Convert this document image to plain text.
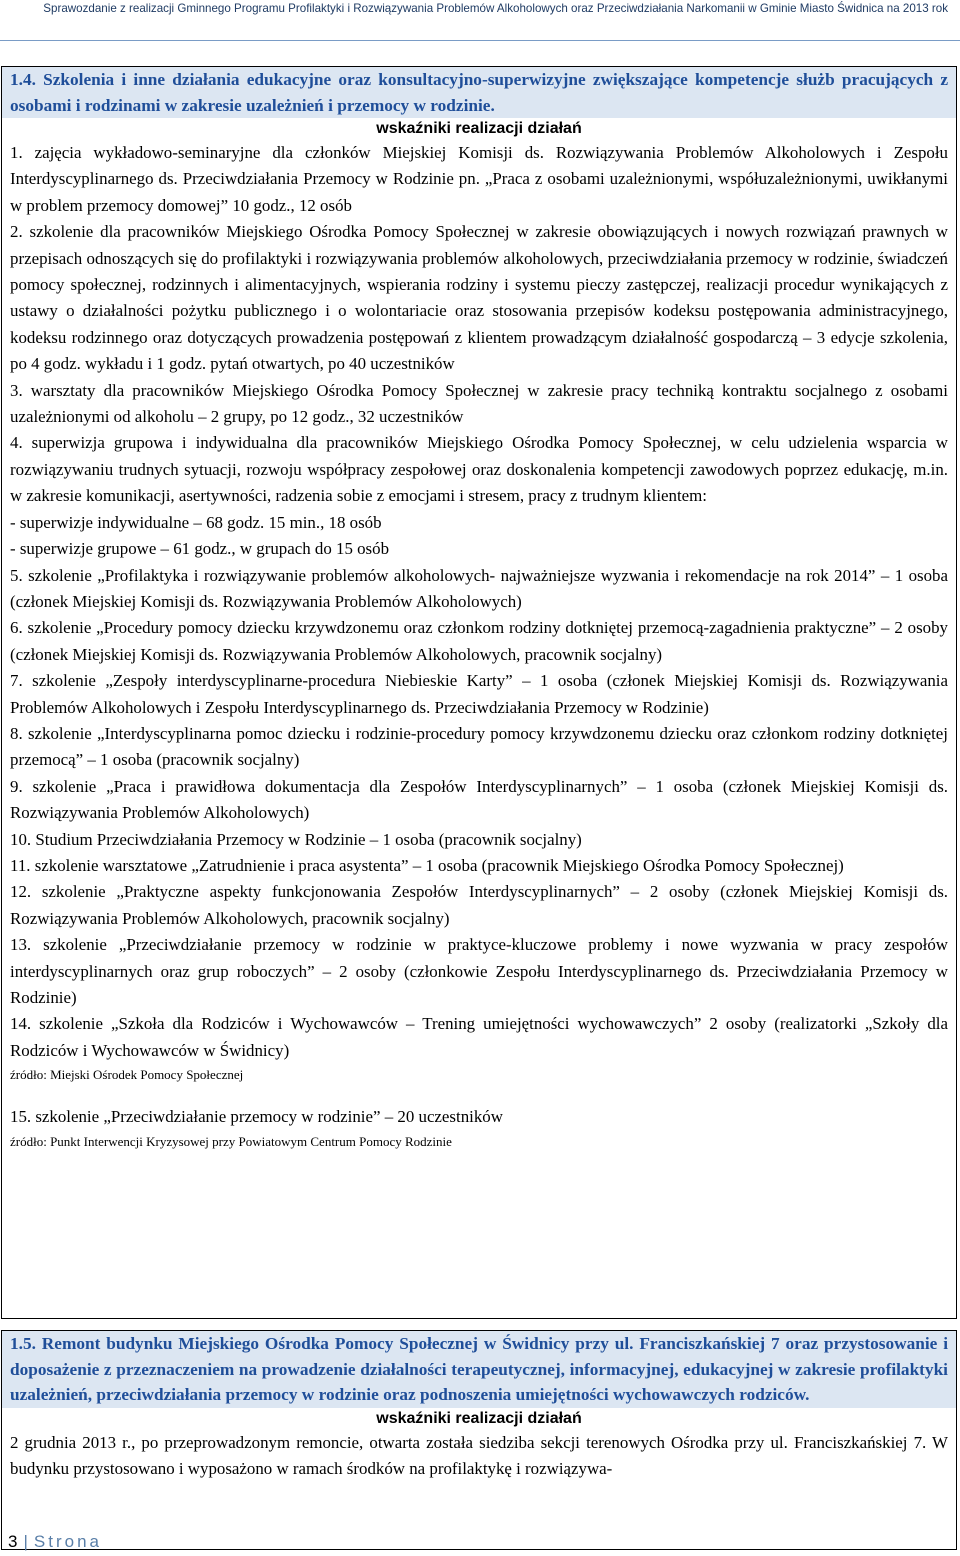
Sprawozdanie z realizacji Gminnego Programu Profilaktyki i Rozwiązywania Problemów Alkoholowych oraz Przeciwdziałania Narkomanii w Gminie Miasto Świdnica na 2013 rok
1.4. Szkolenia i inne działania edukacyjne oraz konsultacyjno-superwizyjne zwiększające kompetencje służb pracujących z osobami i rodzinami w zakresie uzależnień i przemocy w rodzinie.
wskaźniki realizacji działań

1. zajęcia wykładowo-seminaryjne dla członków Miejskiej Komisji ds. Rozwiązywania Problemów Alkoholowych i Zespołu Interdyscyplinarnego ds. Przeciwdziałania Przemocy w Rodzinie pn. „Praca z osobami uzależnionymi, współuzależnionymi, uwikłanymi w problem przemocy domowej” 10 godz., 12 osób

2. szkolenie dla pracowników Miejskiego Ośrodka Pomocy Społecznej w zakresie obowiązujących i nowych rozwiązań prawnych w przepisach odnoszących się do profilaktyki i rozwiązywania problemów alkoholowych, przeciwdziałania przemocy w rodzinie, świadczeń pomocy społecznej, rodzinnych i alimentacyjnych, wspierania rodziny i systemu pieczy zastępczej, realizacji procedur wynikających z ustawy o działalności pożytku publicznego i o wolontariacie oraz stosowania przepisów kodeksu postępowania administracyjnego, kodeksu rodzinnego oraz dotyczących prowadzenia postępowań z klientem prowadzącym działalność gospodarczą – 3 edycje szkolenia, po 4 godz. wykładu i 1 godz. pytań otwartych, po 40 uczestników

3. warsztaty dla pracowników Miejskiego Ośrodka Pomocy Społecznej w zakresie pracy techniką kontraktu socjalnego z osobami uzależnionymi od alkoholu – 2 grupy, po 12 godz., 32 uczestników

4. superwizja grupowa i indywidualna dla pracowników Miejskiego Ośrodka Pomocy Społecznej, w celu udzielenia wsparcia w rozwiązywaniu trudnych sytuacji, rozwoju współpracy zespołowej oraz doskonalenia kompetencji zawodowych poprzez edukację, m.in. w zakresie komunikacji, asertywności, radzenia sobie z emocjami i stresem, pracy z trudnym klientem:

- superwizje indywidualne – 68 godz. 15 min., 18 osób

- superwizje grupowe – 61 godz., w grupach do 15 osób

5. szkolenie „Profilaktyka i rozwiązywanie problemów alkoholowych- najważniejsze wyzwania i rekomendacje na rok 2014” – 1 osoba (członek Miejskiej Komisji ds. Rozwiązywania Problemów Alkoholowych)

6. szkolenie „Procedury pomocy dziecku krzywdzonemu oraz członkom rodziny dotkniętej przemocą-zagadnienia praktyczne” – 2 osoby (członek Miejskiej Komisji ds. Rozwiązywania Problemów Alkoholowych, pracownik socjalny)

7. szkolenie „Zespoły interdyscyplinarne-procedura Niebieskie Karty” – 1 osoba (członek Miejskiej Komisji ds. Rozwiązywania Problemów Alkoholowych i Zespołu Interdyscyplinarnego ds. Przeciwdziałania Przemocy w Rodzinie)

8. szkolenie „Interdyscyplinarna pomoc dziecku i rodzinie-procedury pomocy krzywdzonemu dziecku oraz członkom rodziny dotkniętej przemocą” – 1 osoba (pracownik socjalny)

9. szkolenie „Praca i prawidłowa dokumentacja dla Zespołów Interdyscyplinarnych” – 1 osoba (członek Miejskiej Komisji ds. Rozwiązywania Problemów Alkoholowych)

10. Studium Przeciwdziałania Przemocy w Rodzinie – 1 osoba (pracownik socjalny)

11. szkolenie warsztatowe „Zatrudnienie i praca asystenta” – 1 osoba (pracownik Miejskiego Ośrodka Pomocy Społecznej)

12. szkolenie „Praktyczne aspekty funkcjonowania Zespołów Interdyscyplinarnych” – 2 osoby (członek Miejskiej Komisji ds. Rozwiązywania Problemów Alkoholowych, pracownik socjalny)

13. szkolenie „Przeciwdziałanie przemocy w rodzinie w praktyce-kluczowe problemy i nowe wyzwania w pracy zespołów interdyscyplinarnych oraz grup roboczych” – 2 osoby (członkowie Zespołu Interdyscyplinarnego ds. Przeciwdziałania Przemocy w Rodzinie)

14. szkolenie „Szkoła dla Rodziców i Wychowawców – Trening umiejętności wychowawczych” 2 osoby (realizatorki „Szkoły dla Rodziców i Wychowawców w Świdnicy)

źródło: Miejski Ośrodek Pomocy Społecznej

15. szkolenie „Przeciwdziałanie przemocy w rodzinie” – 20 uczestników

źródło: Punkt Interwencji Kryzysowej przy Powiatowym Centrum Pomocy Rodzinie

1.5. Remont budynku Miejskiego Ośrodka Pomocy Społecznej w Świdnicy przy ul. Franciszkańskiej 7 oraz przystosowanie i doposażenie z przeznaczeniem na prowadzenie działalności terapeutycznej, informacyjnej, edukacyjnej w zakresie profilaktyki uzależnień, przeciwdziałania przemocy w rodzinie oraz podnoszenia umiejętności wychowawczych rodziców.
wskaźniki realizacji działań

2 grudnia 2013 r., po przeprowadzonym remoncie, otwarta została siedziba sekcji terenowych Ośrodka przy ul. Franciszkańskiej 7. W budynku przystosowano i wyposażono w ramach środków na profilaktykę i rozwiązywa-

3 | Strona
